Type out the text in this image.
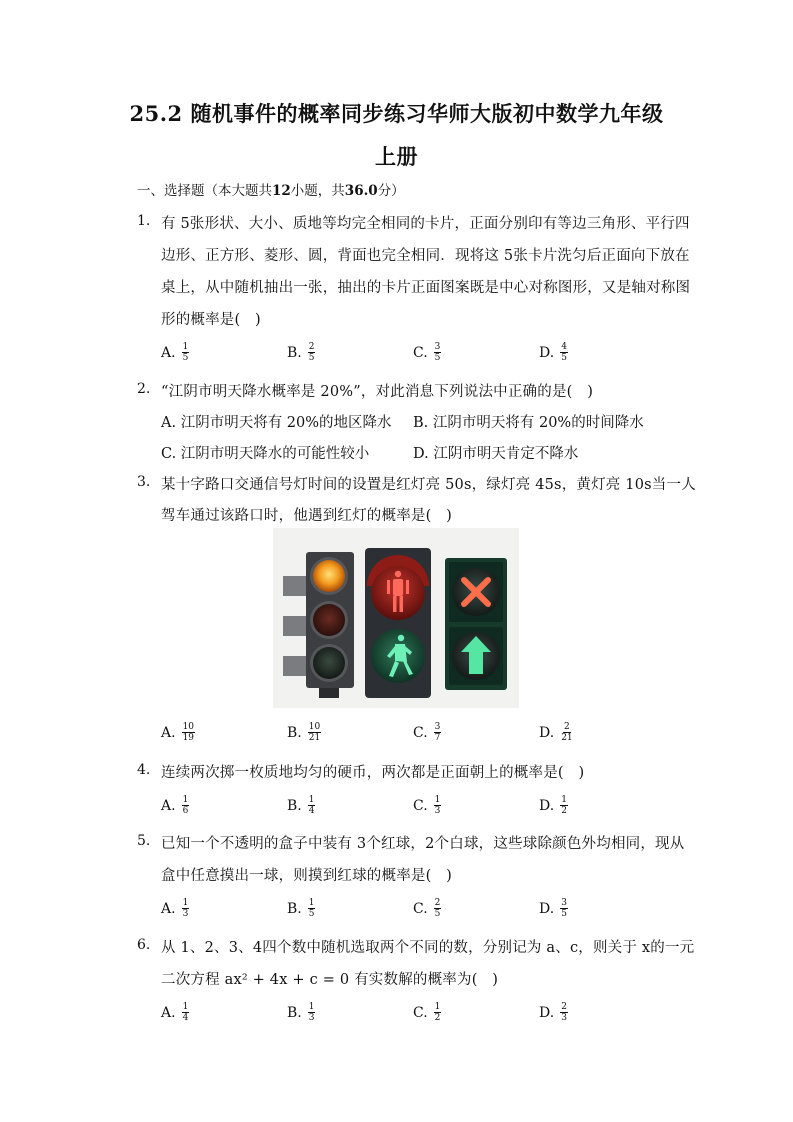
25.2 随机事件的概率同步练习华师大版初中数学九年级
上册
一、选择题（本大题共12小题，共36.0分）
1. 有 5张形状、大小、质地等均完全相同的卡片，正面分别印有等边三角形、平行四
边形、正方形、菱形、圆，背面也完全相同．现将这 5张卡片洗匀后正面向下放在
桌上，从中随机抽出一张，抽出的卡片正面图案既是中心对称图形，又是轴对称图
形的概率是(　)
A. $\frac{1}{5}$	B. $\frac{2}{5}$	C. $\frac{3}{5}$	D. $\frac{4}{5}$
2. “江阴市明天降水概率是 20%”，对此消息下列说法中正确的是(　)
A. 江阴市明天将有 20%的地区降水 B. 江阴市明天将有 20%的时间降水
C. 江阴市明天降水的可能性较小	D. 江阴市明天肯定不降水
3. 某十字路口交通信号灯时间的设置是红灯亮 50s，绿灯亮 45s，黄灯亮 10s当一人
驾车通过该路口时，他遇到红灯的概率是(　)
A. $\frac{10}{19}$	B. $\frac{10}{21}$	C. $\frac{3}{7}$	D. $\frac{2}{21}$
4. 连续两次掷一枚质地均匀的硬币，两次都是正面朝上的概率是(　)
A. $\frac{1}{6}$	B. $\frac{1}{4}$	C. $\frac{1}{3}$	D. $\frac{1}{2}$
5. 已知一个不透明的盒子中装有 3个红球，2个白球，这些球除颜色外均相同，现从
盒中任意摸出一球，则摸到红球的概率是(　)
A. $\frac{1}{3}$	B. $\frac{1}{5}$	C. $\frac{2}{5}$	D. $\frac{3}{5}$
6. 从 1、2、3、4四个数中随机选取两个不同的数，分别记为 a、c，则关于 x的一元
二次方程 ax² + 4x + c = 0 有实数解的概率为(　)
A. $\frac{1}{4}$	B. $\frac{1}{3}$	C. $\frac{1}{2}$	D. $\frac{2}{3}$
